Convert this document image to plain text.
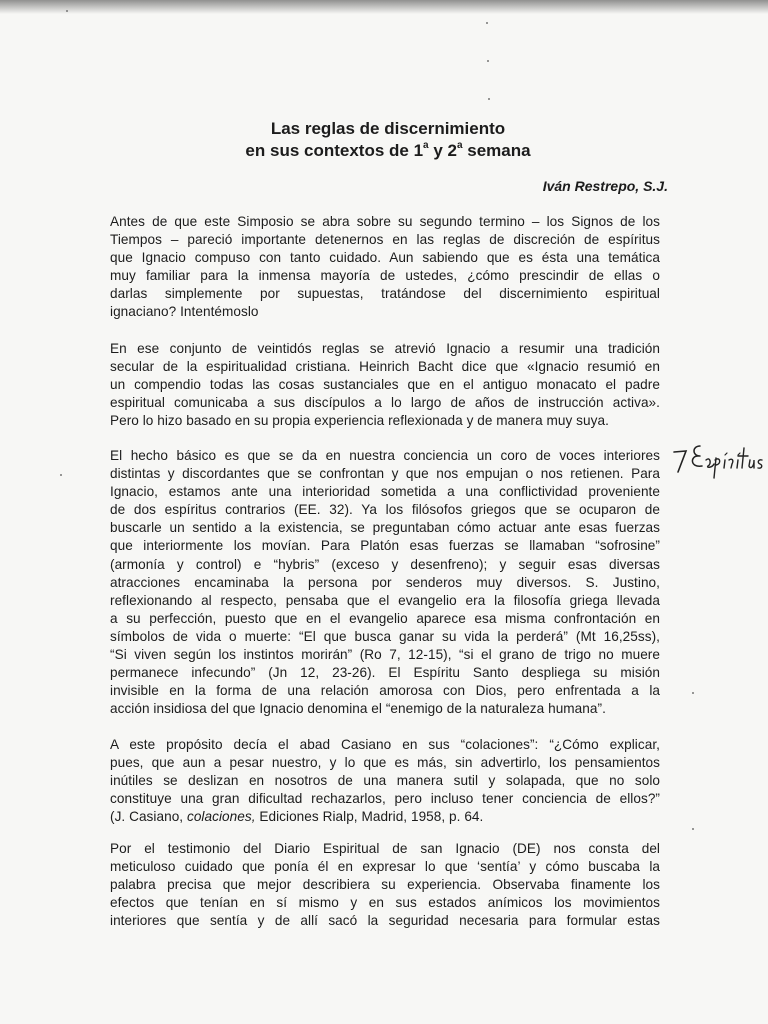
Las reglas de discernimiento
en sus contextos de 1$^a$ y 2$^a$ semana
Iván Restrepo, S.J.
Antes de que este Simposio se abra sobre su segundo termino – los Signos de los
Tiempos – pareció importante detenernos en las reglas de discreción de espíritus
que Ignacio compuso con tanto cuidado. Aun sabiendo que es ésta una temática
muy familiar para la inmensa mayoría de ustedes, ¿cómo prescindir de ellas o
darlas simplemente por supuestas, tratándose del discernimiento espiritual
ignaciano? Intentémoslo
En ese conjunto de veintidós reglas se atrevió Ignacio a resumir una tradición
secular de la espiritualidad cristiana. Heinrich Bacht dice que «Ignacio resumió en
un compendio todas las cosas sustanciales que en el antiguo monacato el padre
espiritual comunicaba a sus discípulos a lo largo de años de instrucción activa».
Pero lo hizo basado en su propia experiencia reflexionada y de manera muy suya.
El hecho básico es que se da en nuestra conciencia un coro de voces interiores
distintas y discordantes que se confrontan y que nos empujan o nos retienen. Para
Ignacio, estamos ante una interioridad sometida a una conflictividad proveniente
de dos espíritus contrarios (EE. 32). Ya los filósofos griegos que se ocuparon de
buscarle un sentido a la existencia, se preguntaban cómo actuar ante esas fuerzas
que interiormente los movían. Para Platón esas fuerzas se llamaban “sofrosine”
(armonía y control) e “hybris” (exceso y desenfreno); y seguir esas diversas
atracciones encaminaba la persona por senderos muy diversos. S. Justino,
reflexionando al respecto, pensaba que el evangelio era la filosofía griega llevada
a su perfección, puesto que en el evangelio aparece esa misma confrontación en
símbolos de vida o muerte: “El que busca ganar su vida la perderá” (Mt 16,25ss),
“Si viven según los instintos morirán” (Ro 7, 12-15), “si el grano de trigo no muere
permanece infecundo” (Jn 12, 23-26). El Espíritu Santo despliega su misión
invisible en la forma de una relación amorosa con Dios, pero enfrentada a la
acción insidiosa del que Ignacio denomina el “enemigo de la naturaleza humana”.
A este propósito decía el abad Casiano en sus “colaciones”: “¿Cómo explicar,
pues, que aun a pesar nuestro, y lo que es más, sin advertirlo, los pensamientos
inútiles se deslizan en nosotros de una manera sutil y solapada, que no solo
constituye una gran dificultad rechazarlos, pero incluso tener conciencia de ellos?”
(J. Casiano, colaciones, Ediciones Rialp, Madrid, 1958, p. 64.
Por el testimonio del Diario Espiritual de san Ignacio (DE) nos consta del
meticuloso cuidado que ponía él en expresar lo que ‘sentía’ y cómo buscaba la
palabra precisa que mejor describiera su experiencia. Observaba finamente los
efectos que tenían en sí mismo y en sus estados anímicos los movimientos
interiores que sentía y de allí sacó la seguridad necesaria para formular estas
